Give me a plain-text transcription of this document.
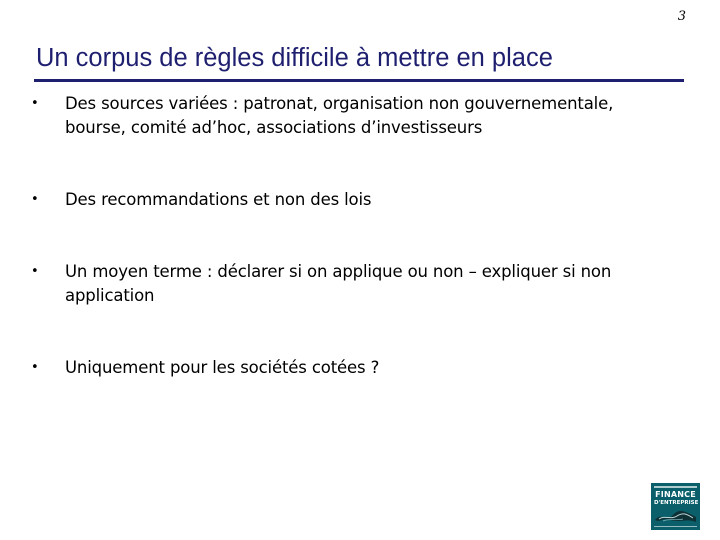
3
Un corpus de règles difficile à mettre en place
•	Des sources variées : patronat, organisation non gouvernementale, bourse, comité ad’hoc, associations d’investisseurs
•	Des recommandations et non des lois
•	Un moyen terme : déclarer si on applique ou non – expliquer si non application
•	Uniquement pour les sociétés cotées ?
FINANCE
D'ENTREPRISE
